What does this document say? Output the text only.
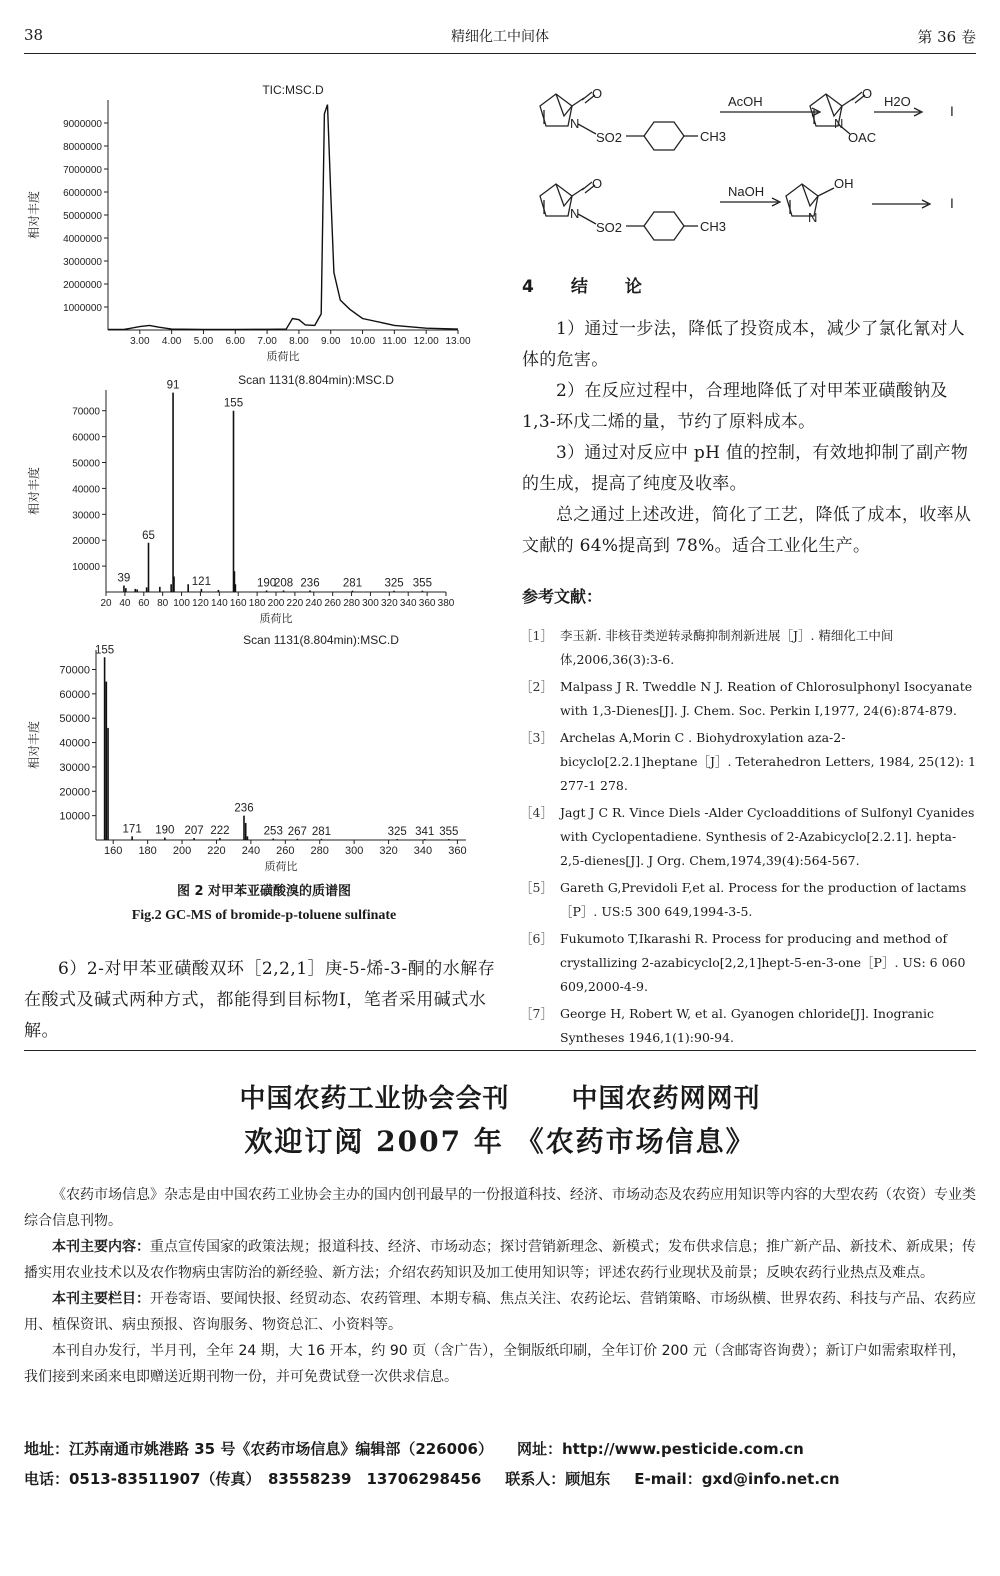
38	精细化工中间体	第 36 卷
1000000
2000000
3000000
4000000
5000000
6000000
7000000
8000000
9000000
3.00 4.00 5.00 6.00 7.00 8.00 9.00 10.00 11.00 12.00 13.00
TIC:MSC.D
质荷比
相对丰度
10000
20000
30000
40000
50000
60000
70000
20 40 60 80 100 120 140 160 180 200 220 240 260 280 300 320 340 360 380
91
155
65
39	121	190
208 236 281 325 355
Scan 1131(8.804min):MSC.D
质荷比
相对丰度
10000
20000
30000
40000
50000
60000
70000
160 180 200 220 240 260 280 300 320 340 360
155
171 190 207 222
236
253 267 281	325 341 355
Scan 1131(8.804min):MSC.D
质荷比
相对丰度
图 2 对甲苯亚磺酸溴的质谱图
Fig.2 GC-MS of bromide-p-toluene sulfinate
6）2-对甲苯亚磺酸双环［2,2,1］庚-5-烯-3-酮的水解存在酸式及碱式两种方式，都能得到目标物Ⅰ，笔者采用碱式水解。
O
N
SO2	CH3
AcOH
O
N
OAC
H2O
Ⅰ
O
N
SO2	CH3
NaOH
OH
N
Ⅰ
4　结　论

1）通过一步法，降低了投资成本，减少了氯化氰对人体的危害。

2）在反应过程中，合理地降低了对甲苯亚磺酸钠及 1,3-环戊二烯的量，节约了原料成本。

3）通过对反应中 pH 值的控制，有效地抑制了副产物的生成，提高了纯度及收率。

总之通过上述改进，简化了工艺，降低了成本，收率从文献的 64%提高到 78%。适合工业化生产。

参考文献：
［1］ 李玉新. 非核苷类逆转录酶抑制剂新进展［J］. 精细化工中间体,2006,36(3):3-6.
［2］ Malpass J R. Tweddle N J. Reation of Chlorosulphonyl Isocyanate with 1,3-Dienes[J]. J. Chem. Soc. Perkin I,1977, 24(6):874-879.
［3］ Archelas A,Morin C . Biohydroxylation aza-2-bicyclo[2.2.1]heptane［J］. Teterahedron Letters, 1984, 25(12): 1 277-1 278.
［4］ Jagt J C R. Vince Diels -Alder Cycloadditions of Sulfonyl Cyanides with Cyclopentadiene. Synthesis of 2-Azabicyclo[2.2.1]. hepta-2,5-dienes[J]. J Org. Chem,1974,39(4):564-567.
［5］ Gareth G,Previdoli F,et al. Process for the production of lactams［P］. US:5 300 649,1994-3-5.
［6］ Fukumoto T,Ikarashi R. Process for producing and method of crystallizing 2-azabicyclo[2,2,1]hept-5-en-3-one［P］. US: 6 060 609,2000-4-9.
［7］ George H, Robert W, et al. Gyanogen chloride[J]. Inogranic Syntheses 1946,1(1):90-94.
中国农药工业协会会刊 中国农药网网刊
欢迎订阅 2007 年 《农药市场信息》

《农药市场信息》杂志是由中国农药工业协会主办的国内创刊最早的一份报道科技、经济、市场动态及农药应用知识等内容的大型农药（农资）专业类综合信息刊物。

本刊主要内容：重点宣传国家的政策法规；报道科技、经济、市场动态；探讨营销新理念、新模式；发布供求信息；推广新产品、新技术、新成果；传播实用农业技术以及农作物病虫害防治的新经验、新方法；介绍农药知识及加工使用知识等；评述农药行业现状及前景；反映农药行业热点及难点。

本刊主要栏目：开卷寄语、要闻快报、经贸动态、农药管理、本期专稿、焦点关注、农药论坛、营销策略、市场纵横、世界农药、科技与产品、农药应用、植保资讯、病虫预报、咨询服务、物资总汇、小资料等。

本刊自办发行，半月刊，全年 24 期，大 16 开本，约 90 页（含广告），全铜版纸印刷，全年订价 200 元（含邮寄咨询费）；新订户如需索取样刊，我们接到来函来电即赠送近期刊物一份，并可免费试登一次供求信息。

地址：江苏南通市姚港路 35 号《农药市场信息》编辑部（226006） 网址：http://www.pesticide.com.cn
电话：0513-83511907（传真）　83558239　13706298456 联系人：顾旭东 E-mail：gxd@info.net.cn
